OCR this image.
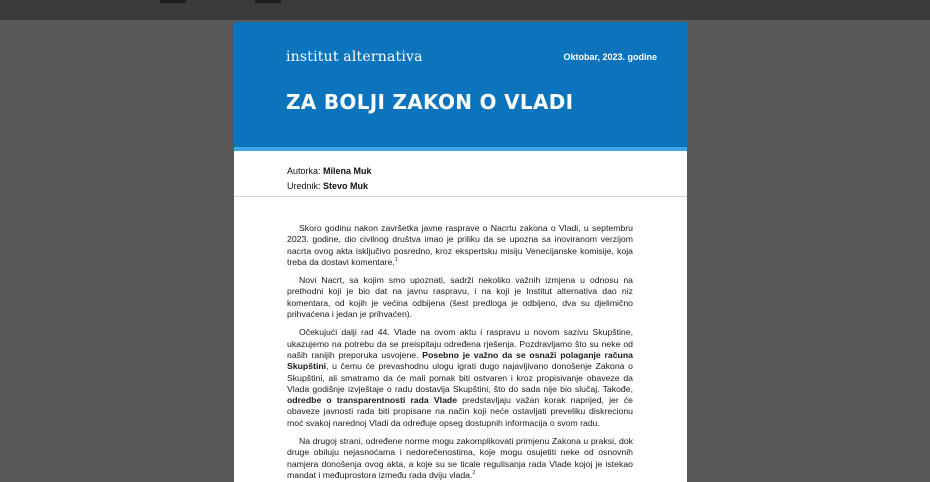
institut alternativa	Oktobar, 2023. godine
ZA BOLJI ZAKON O VLADI
Autorka: Milena Muk
Urednik: Stevo Muk

Skoro godinu nakon završetka javne rasprave o Nacrtu zakona o Vladi, u septembru 2023. godine, dio civilnog društva imao je priliku da se upozna sa inoviranom verzijom nacrta ovog akta isključivo posredno, kroz ekspertsku misiju Venecijanske komisije, koja treba da dostavi komentare.$^1$

Novi Nacrt, sa kojim smo upoznati, sadrži nekoliko važnih izmjena u odnosu na prethodni koji je bio dat na javnu raspravu, i na koji je Institut alternativa dao niz komentara, od kojih je većina odbijena (šest predloga je odbijeno, dva su djelimično prihvaćena i jedan je prihvaćen).

Očekujući dalji rad 44. Vlade na ovom aktu i raspravu u novom sazivu Skupštine, ukazujemo na potrebu da se preispitaju određena rješenja. Pozdravljamo što su neke od naših ranijih preporuka usvojene. Posebno je važno da se osnaži polaganje računa Skupštini, u čemu će prevashodnu ulogu igrati dugo najavljivano donošenje Zakona o Skupštini, ali smatramo da će mali pomak biti ostvaren i kroz propisivanje obaveze da Vlada godišnje izvještaje o radu dostavlja Skupštini, što do sada nije bio slučaj. Takođe, odredbe o transparentnosti rada Vlade predstavljaju važan korak naprijed, jer će obaveze javnosti rada biti propisane na način koji neće ostavljati preveliku diskrecionu moć svakoj narednoj Vladi da određuje opseg dostupnih informacija o svom radu.

Na drugoj strani, određene norme mogu zakomplikovati primjenu Zakona u praksi, dok druge obiluju nejasnoćama i nedorečenostima, koje mogu osujetiti neke od osnovnih namjera donošenja ovog akta, a koje su se ticale regulisanja rada Vlade kojoj je istekao mandat i međuprostora između rada dviju vlada.$^2$
